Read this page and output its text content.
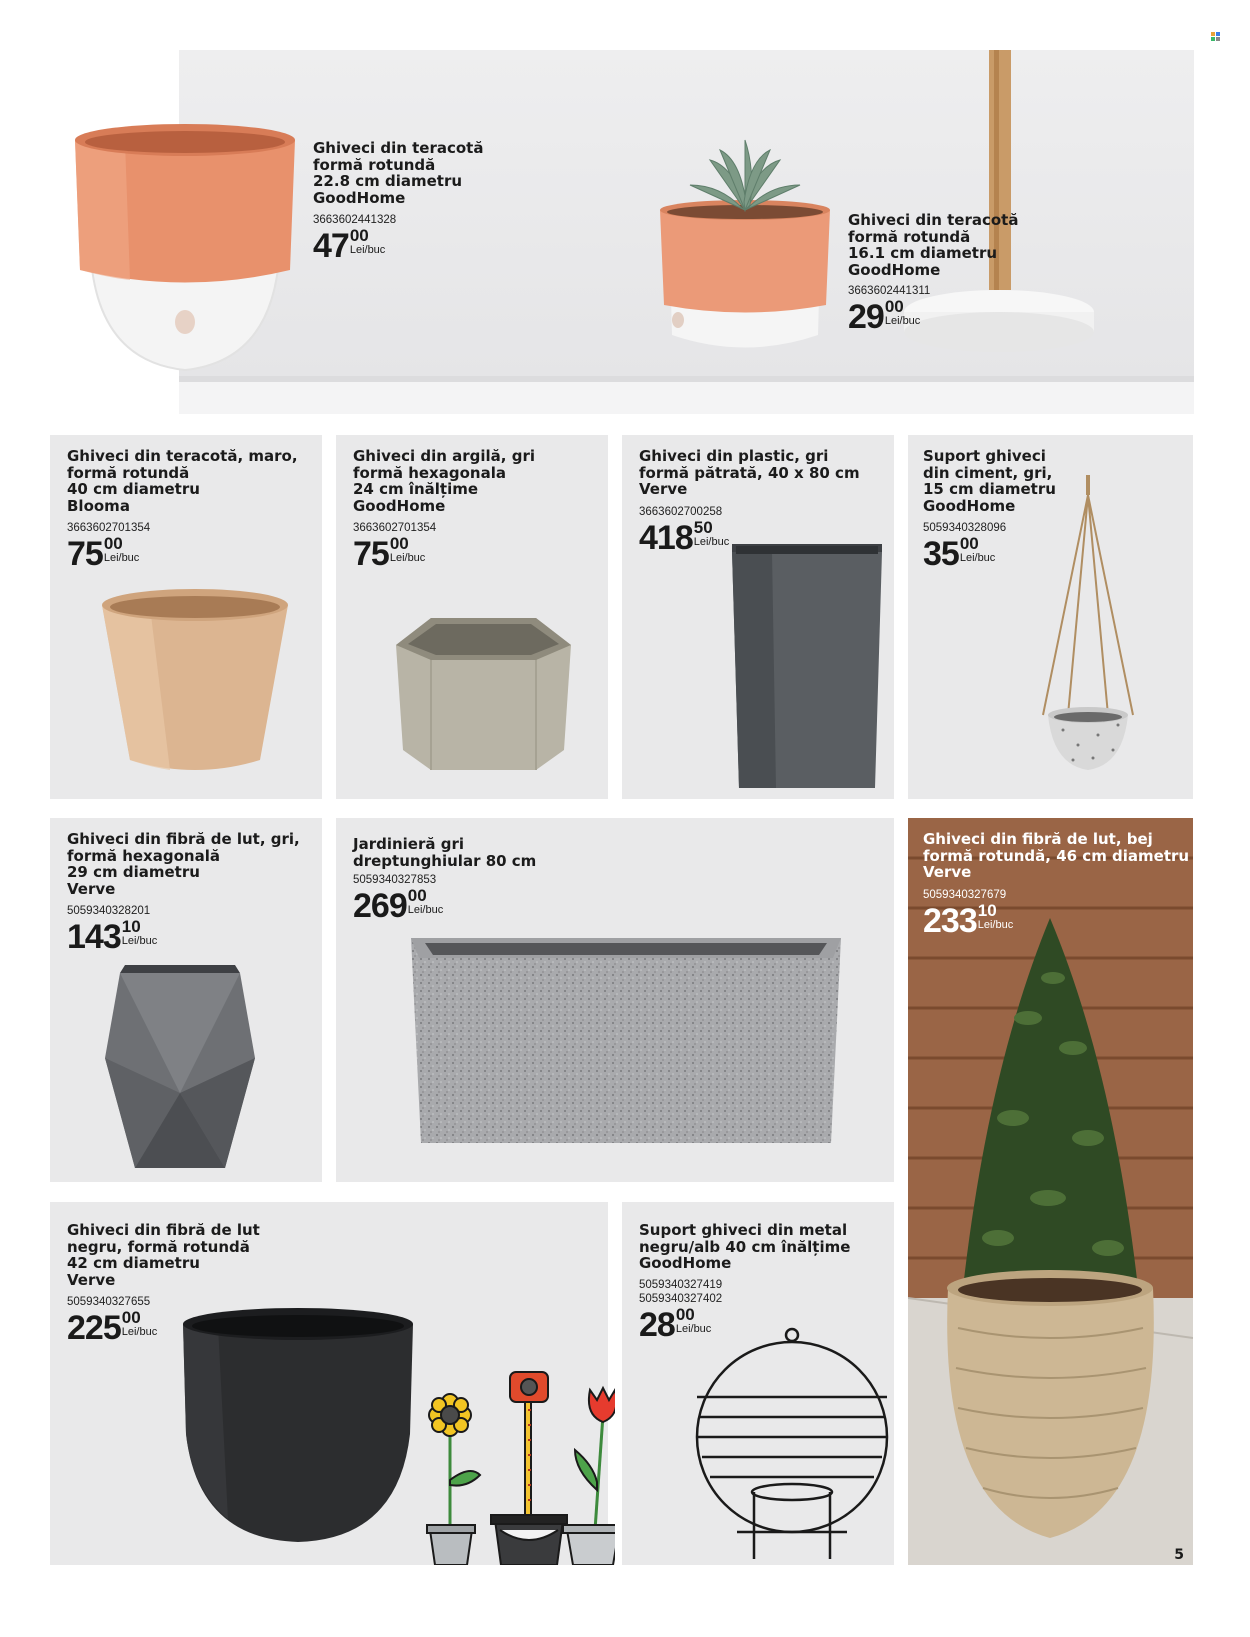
Ghiveci din teracotă
formă rotundă
22.8 cm diametru
GoodHome
3663602441328
47 00
Lei/buc
Ghiveci din teracotă
formă rotundă
16.1 cm diametru
GoodHome
3663602441311
29 00
Lei/buc
Ghiveci din teracotă, maro,
formă rotundă
40 cm diametru
Blooma
3663602701354
75 00
Lei/buc
Ghiveci din argilă, gri
formă hexagonala
24 cm înălțime
GoodHome
3663602701354
75 00
Lei/buc
Ghiveci din plastic, gri
formă pătrată, 40 x 80 cm
Verve
3663602700258
418 50
Lei/buc
Suport ghiveci
din ciment, gri,
15 cm diametru
GoodHome
5059340328096
35 00
Lei/buc
Ghiveci din fibră de lut, gri,
formă hexagonală
29 cm diametru
Verve
5059340328201
143 10
Lei/buc
Jardinieră gri
dreptunghiular 80 cm
5059340327853
269 00
Lei/buc
Ghiveci din fibră de lut, bej
formă rotundă, 46 cm diametru
Verve
5059340327679
233 10
Lei/buc
Ghiveci din fibră de lut
negru, formă rotundă
42 cm diametru
Verve
5059340327655
225 00
Lei/buc
Suport ghiveci din metal
negru/alb 40 cm înălțime
GoodHome
5059340327419
5059340327402
28 00
Lei/buc
5
